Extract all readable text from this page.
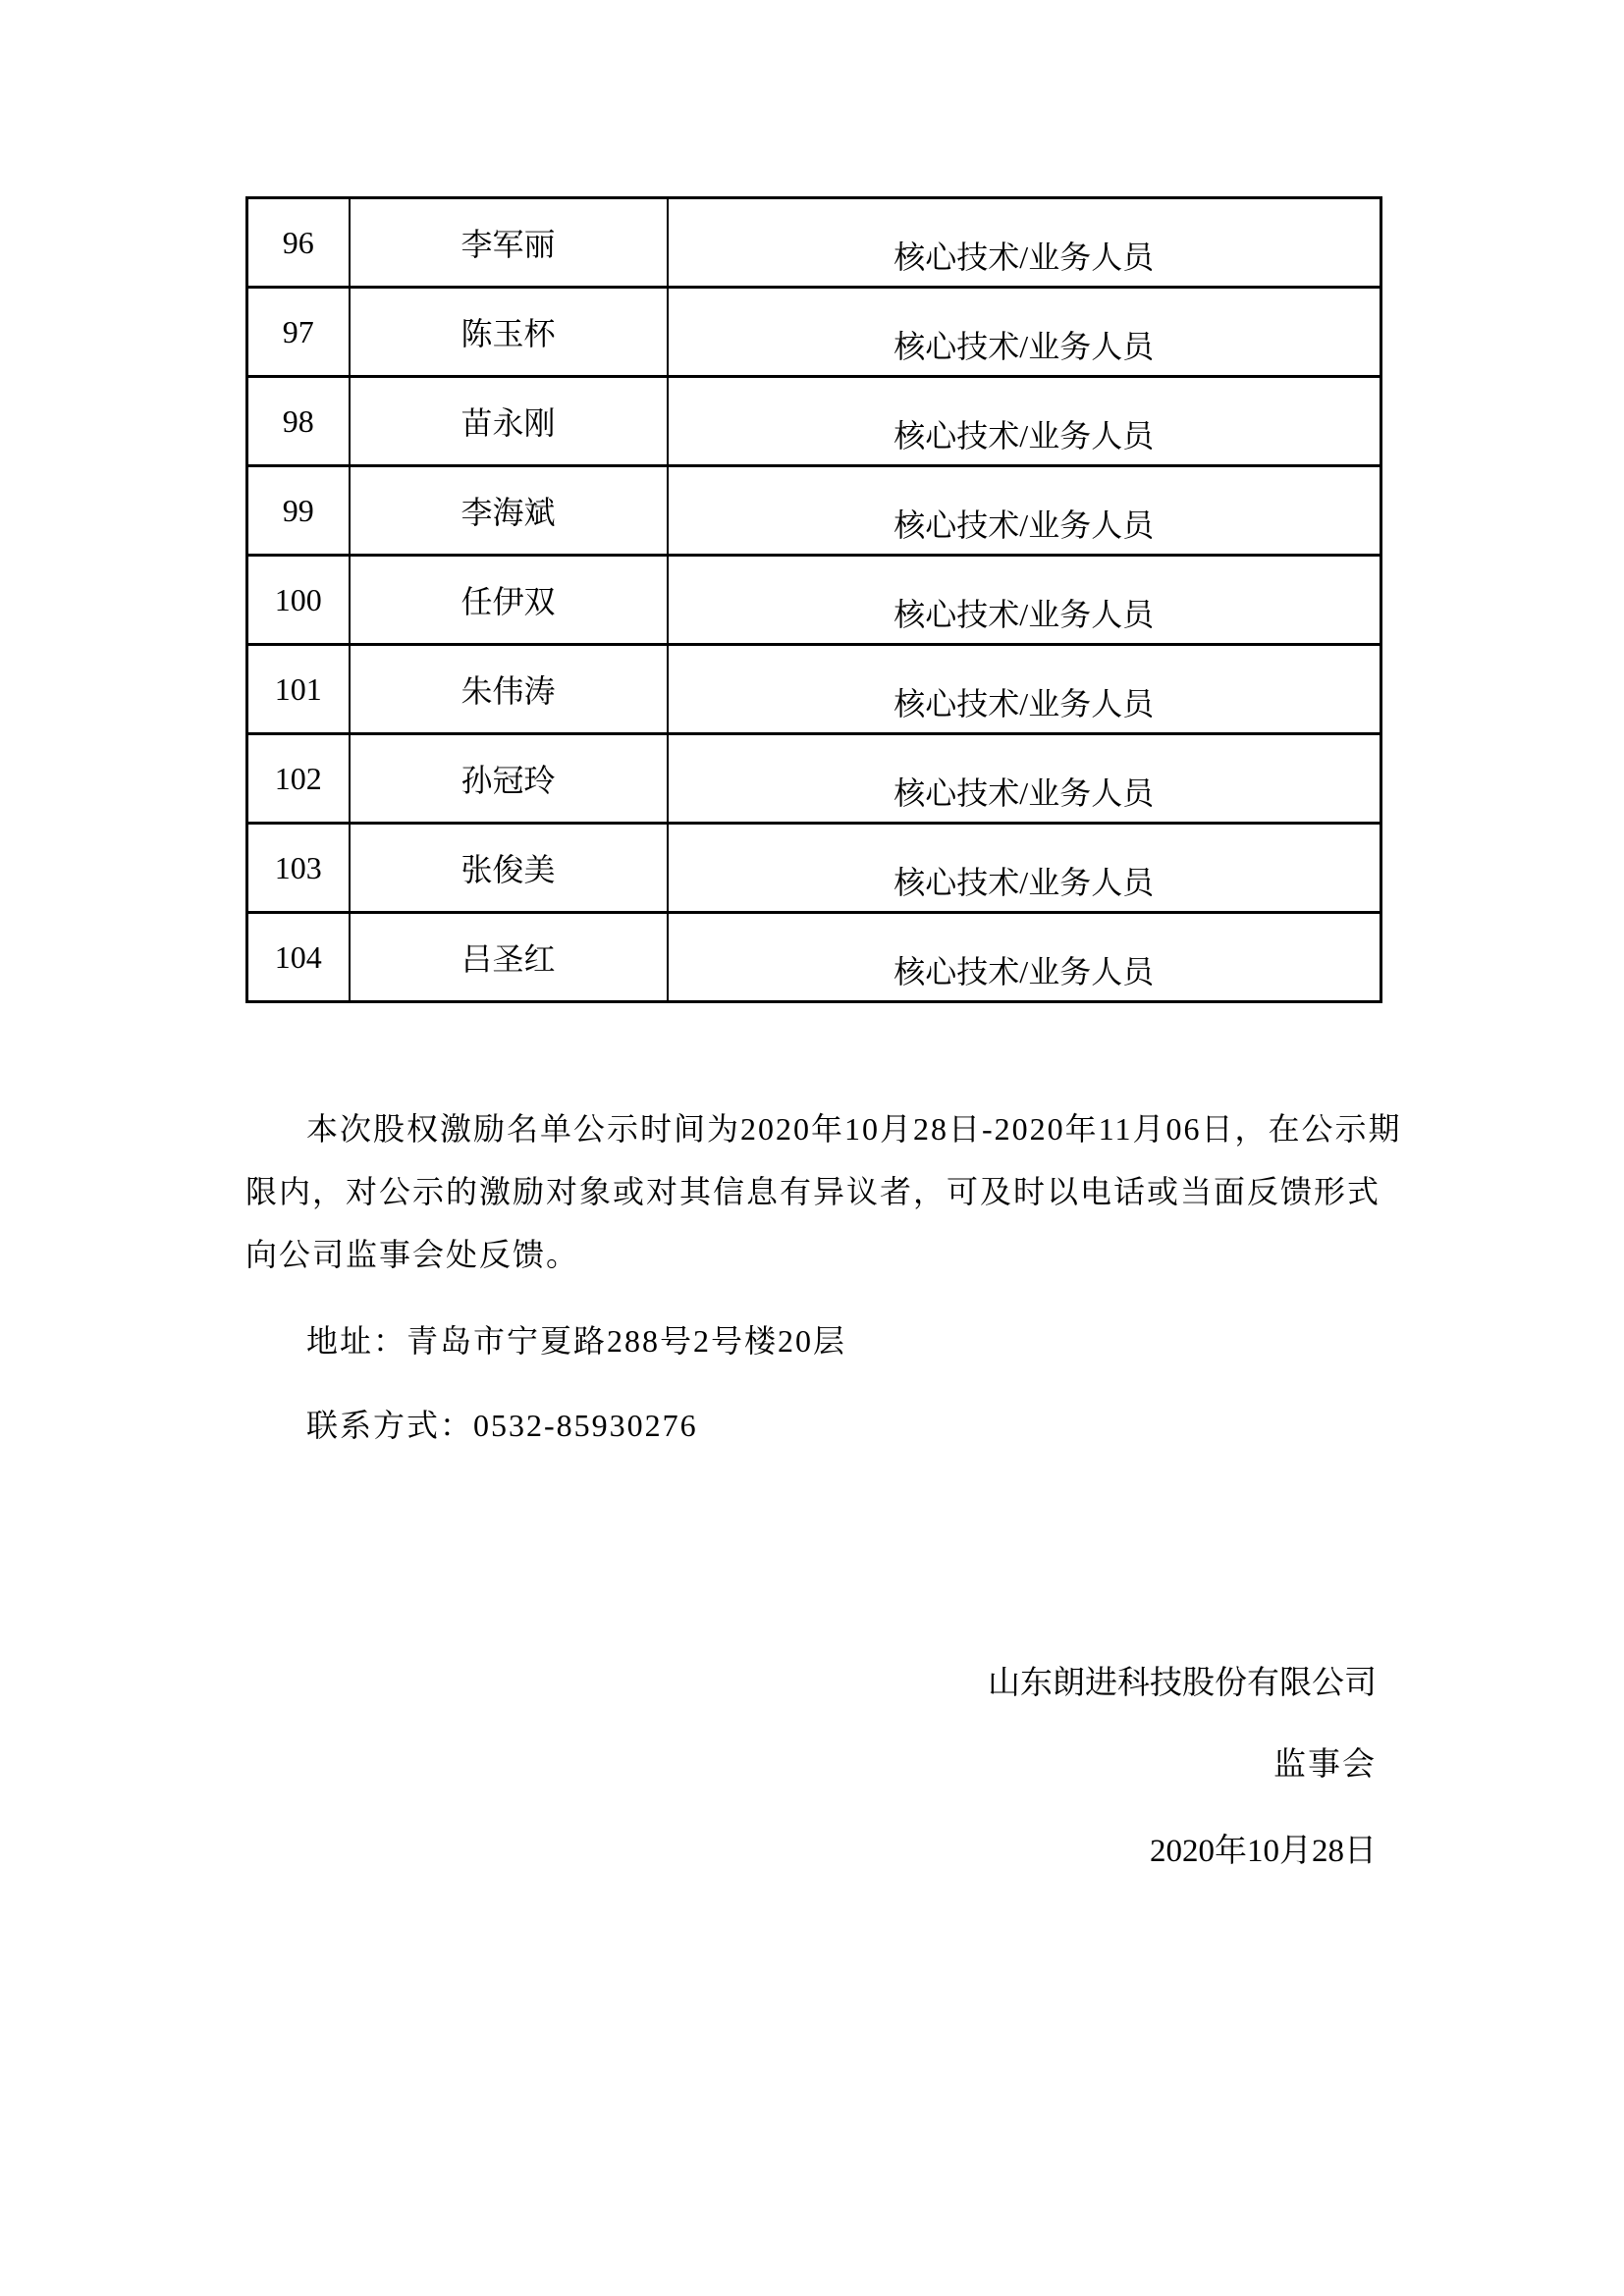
96	李军丽	核心技术/业务人员
97	陈玉杯	核心技术/业务人员
98	苗永刚	核心技术/业务人员
99	李海斌	核心技术/业务人员
100	任伊双	核心技术/业务人员
101	朱伟涛	核心技术/业务人员
102	孙冠玲	核心技术/业务人员
103	张俊美	核心技术/业务人员
104	吕圣红	核心技术/业务人员
本次股权激励名单公示时间为2020年10月28日-2020年11月06日，在公示期
限内，对公示的激励对象或对其信息有异议者，可及时以电话或当面反馈形式
向公司监事会处反馈。
地址：青岛市宁夏路288号2号楼20层
联系方式：0532-85930276
山东朗进科技股份有限公司
监事会
2020年10月28日
